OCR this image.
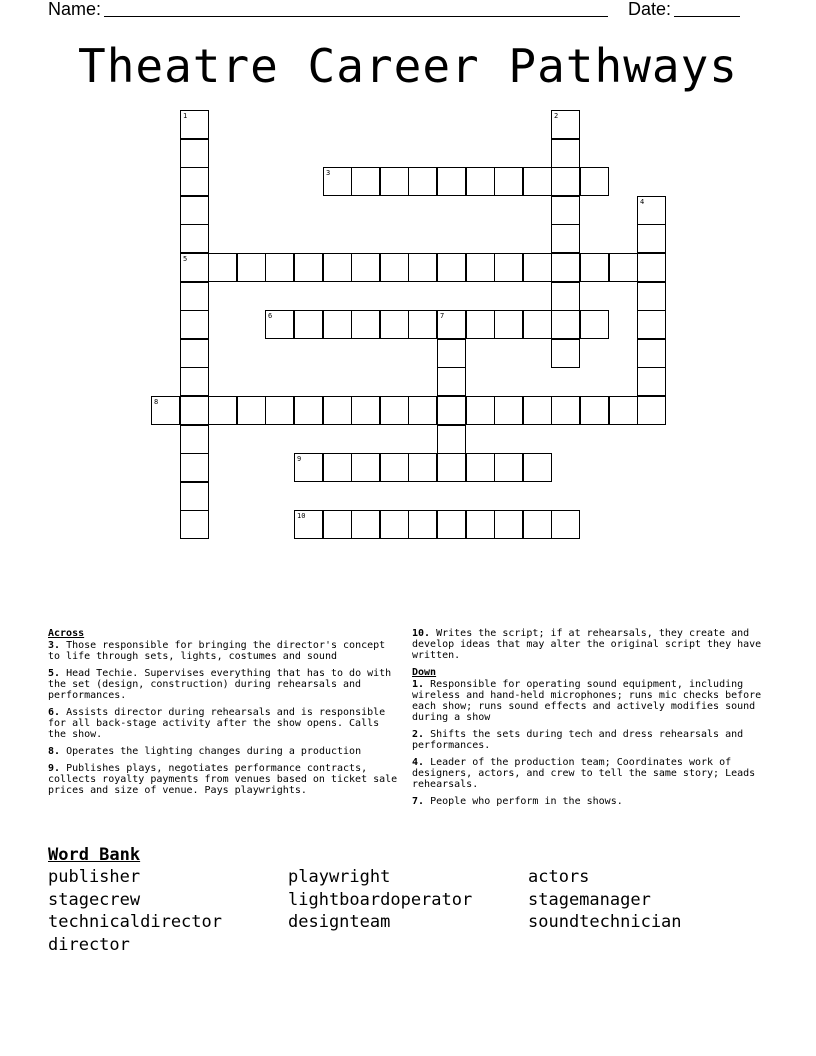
Name:	Date:
Theatre Career Pathways
1
5
2
3
4
6	7
8
9
10
Across
3. Those responsible for bringing the director's concept to life through sets, lights, costumes and sound
5. Head Techie. Supervises everything that has to do with the set (design, construction) during rehearsals and performances.
6. Assists director during rehearsals and is responsible for all back-stage activity after the show opens. Calls the show.
8. Operates the lighting changes during a production
9. Publishes plays, negotiates performance contracts, collects royalty payments from venues based on ticket sale prices and size of venue. Pays playwrights.
10. Writes the script; if at rehearsals, they create and develop ideas that may alter the original script they have written.
Down
1. Responsible for operating sound equipment, including wireless and hand-held microphones; runs mic checks before each show; runs sound effects and actively modifies sound during a show
2. Shifts the sets during tech and dress rehearsals and performances.
4. Leader of the production team; Coordinates work of designers, actors, and crew to tell the same story; Leads rehearsals.
7. People who perform in the shows.
Word Bank
publisher	playwright	actors
stagecrew	lightboardoperator	stagemanager
technicaldirector	designteam	soundtechnician
director
